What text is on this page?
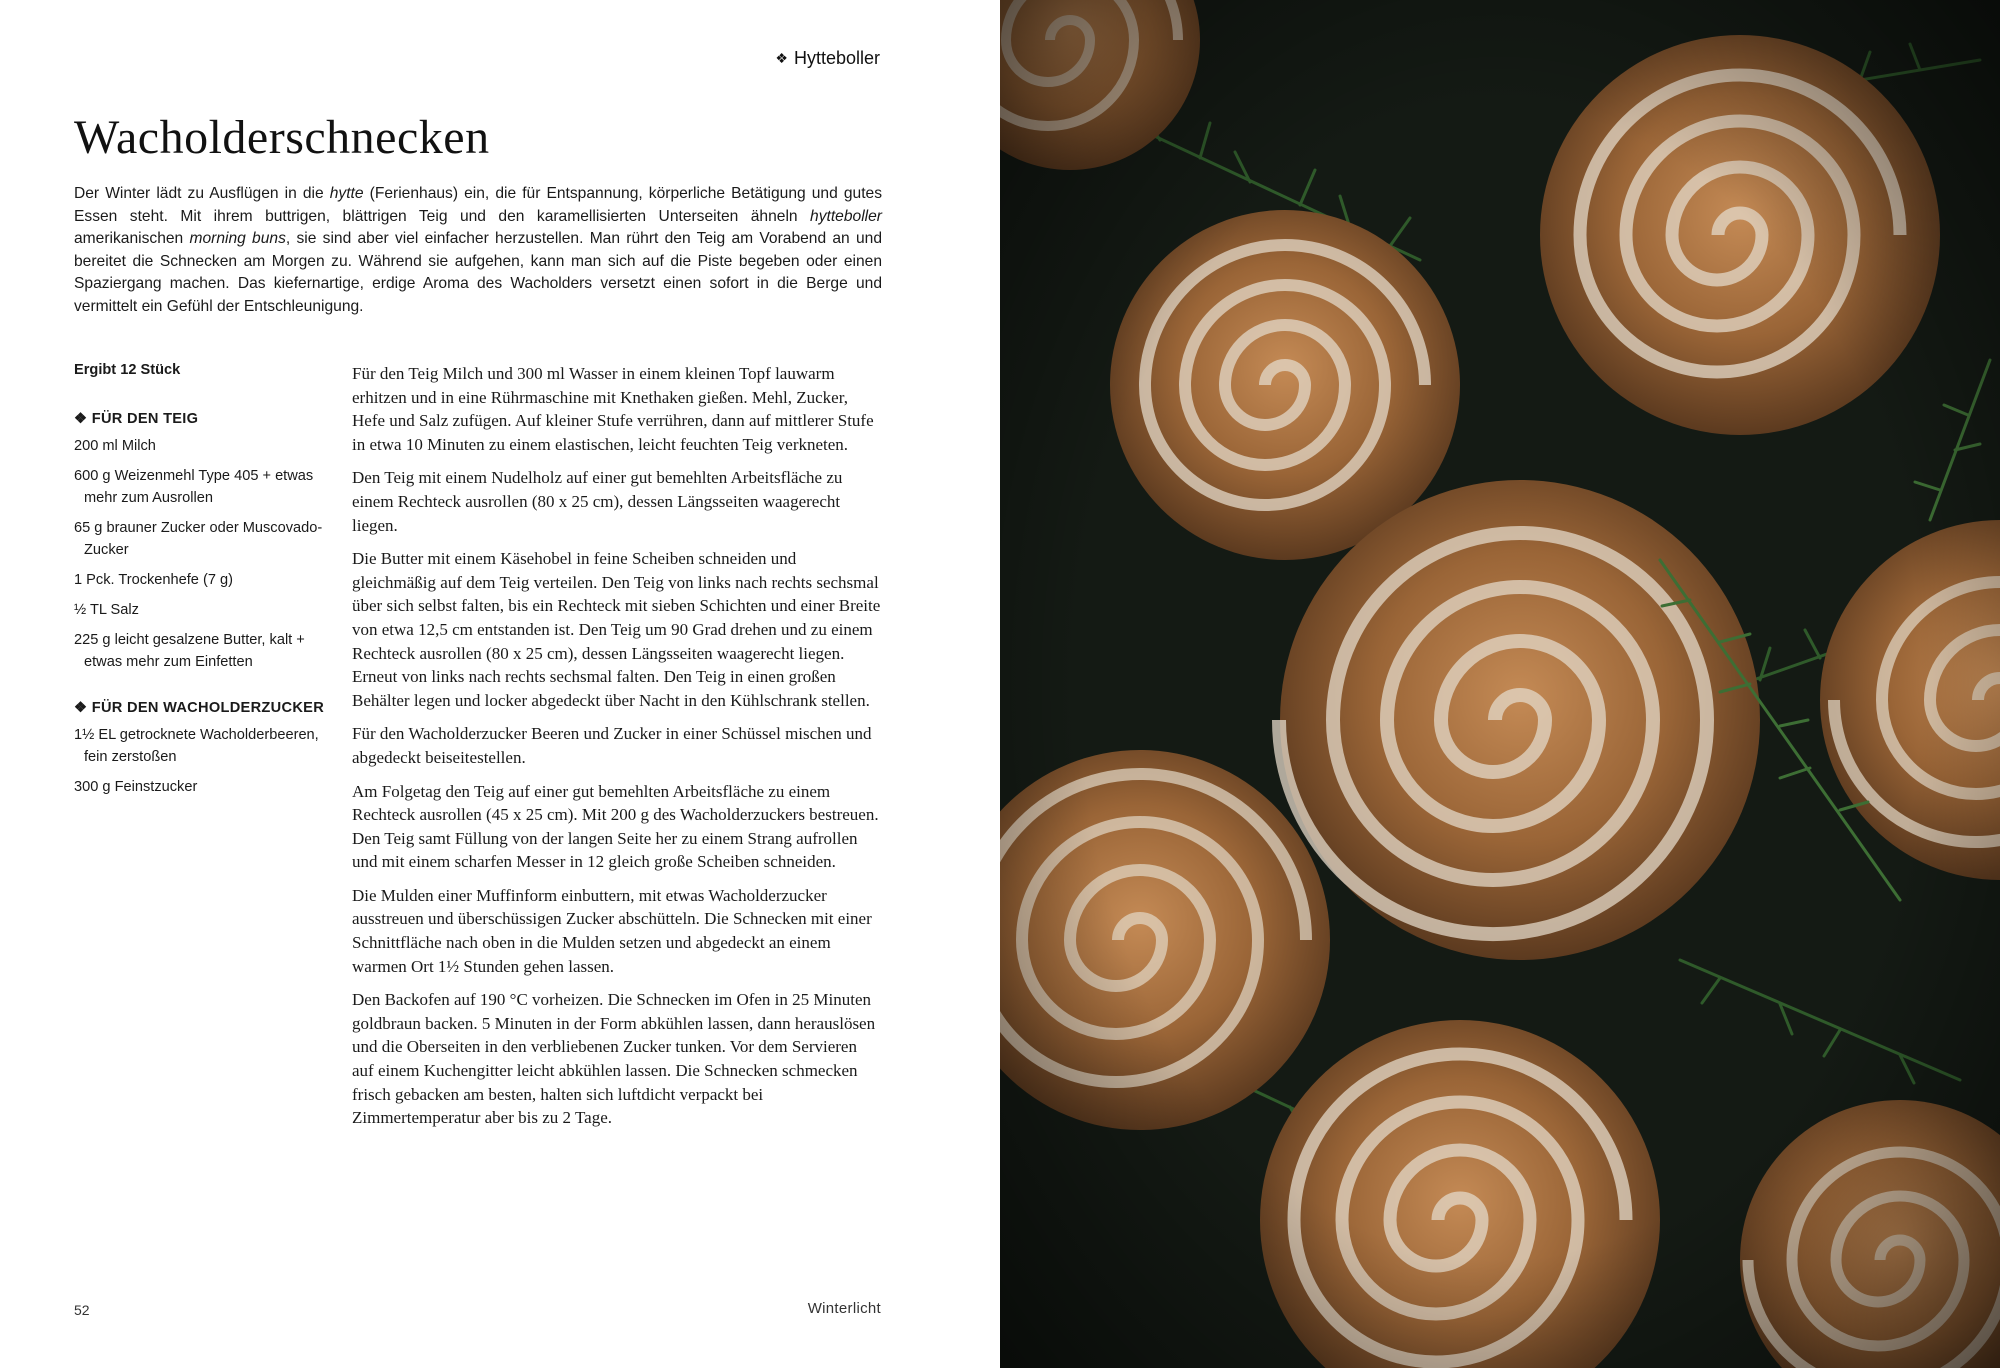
❖ Hytteboller
Wacholderschnecken

Der Winter lädt zu Ausflügen in die hytte (Ferienhaus) ein, die für Entspannung, körperliche Betätigung und gutes Essen steht. Mit ihrem buttrigen, blättrigen Teig und den karamellisierten Unterseiten ähneln hytteboller amerikanischen morning buns, sie sind aber viel einfacher herzustellen. Man rührt den Teig am Vorabend an und bereitet die Schnecken am Morgen zu. Während sie aufgehen, kann man sich auf die Piste begeben oder einen Spaziergang machen. Das kiefernartige, erdige Aroma des Wacholders versetzt einen sofort in die Berge und vermittelt ein Gefühl der Entschleunigung.

Ergibt 12 Stück

❖ FÜR DEN TEIG

200 ml Milch
600 g Weizenmehl Type 405 + etwas mehr zum Ausrollen
65 g brauner Zucker oder Muscovado-Zucker
1 Pck. Trockenhefe (7 g)
½ TL Salz
225 g leicht gesalzene Butter, kalt + etwas mehr zum Einfetten

❖ FÜR DEN WACHOLDERZUCKER

1½ EL getrocknete Wacholderbeeren, fein zerstoßen
300 g Feinstzucker

Für den Teig Milch und 300 ml Wasser in einem kleinen Topf lauwarm erhitzen und in eine Rührmaschine mit Knethaken gießen. Mehl, Zucker, Hefe und Salz zufügen. Auf kleiner Stufe verrühren, dann auf mittlerer Stufe in etwa 10 Minuten zu einem elastischen, leicht feuchten Teig verkneten.

Den Teig mit einem Nudelholz auf einer gut bemehlten Arbeitsfläche zu einem Rechteck ausrollen (80 x 25 cm), dessen Längsseiten waagerecht liegen.

Die Butter mit einem Käsehobel in feine Scheiben schneiden und gleichmäßig auf dem Teig verteilen. Den Teig von links nach rechts sechsmal über sich selbst falten, bis ein Rechteck mit sieben Schichten und einer Breite von etwa 12,5 cm entstanden ist. Den Teig um 90 Grad drehen und zu einem Rechteck ausrollen (80 x 25 cm), dessen Längsseiten waagerecht liegen. Erneut von links nach rechts sechsmal falten. Den Teig in einen großen Behälter legen und locker abgedeckt über Nacht in den Kühlschrank stellen.

Für den Wacholderzucker Beeren und Zucker in einer Schüssel mischen und abgedeckt beiseitestellen.

Am Folgetag den Teig auf einer gut bemehlten Arbeitsfläche zu einem Rechteck ausrollen (45 x 25 cm). Mit 200 g des Wacholderzuckers bestreuen. Den Teig samt Füllung von der langen Seite her zu einem Strang aufrollen und mit einem scharfen Messer in 12 gleich große Scheiben schneiden.

Die Mulden einer Muffinform einbuttern, mit etwas Wacholderzucker ausstreuen und überschüssigen Zucker abschütteln. Die Schnecken mit einer Schnittfläche nach oben in die Mulden setzen und abgedeckt an einem warmen Ort 1½ Stunden gehen lassen.

Den Backofen auf 190 °C vorheizen. Die Schnecken im Ofen in 25 Minuten goldbraun backen. 5 Minuten in der Form abkühlen lassen, dann herauslösen und die Oberseiten in den verbliebenen Zucker tunken. Vor dem Servieren auf einem Kuchengitter leicht abkühlen lassen. Die Schnecken schmecken frisch gebacken am besten, halten sich luftdicht verpackt bei Zimmertemperatur aber bis zu 2 Tage.

52	Winterlicht
